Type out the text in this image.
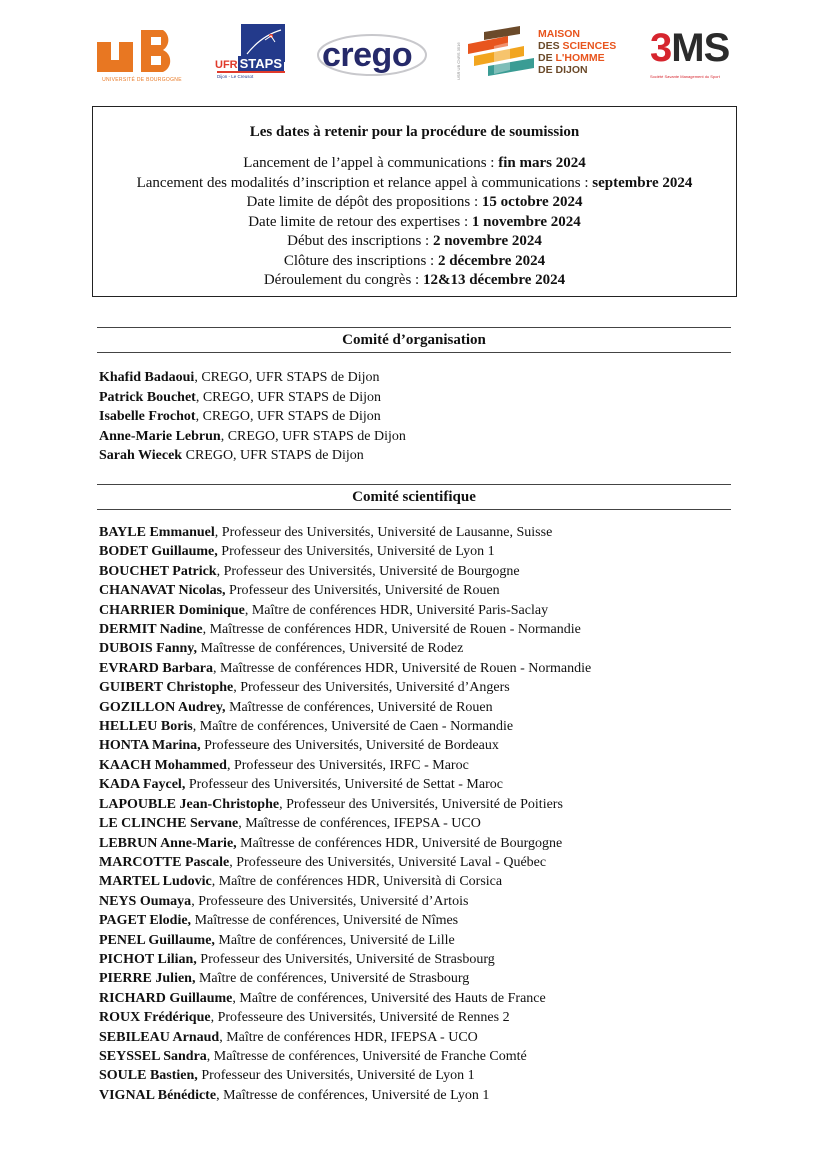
UNIVERSITÉ DE BOURGOGNE
UFR STAPS
Dijon - Le Creusot
crego	USR UB CNRS 3516
MAISON
DES SCIENCES
DE L'HOMME
DE DIJON	3MS
Société Savante Management du Sport
Les dates à retenir pour la procédure de soumission
Lancement de l’appel à communications : fin mars 2024
Lancement des modalités d’inscription et relance appel à communications : septembre 2024
Date limite de dépôt des propositions : 15 octobre 2024
Date limite de retour des expertises : 1 novembre 2024
Début des inscriptions : 2 novembre 2024
Clôture des inscriptions : 2 décembre 2024
Déroulement du congrès : 12&13 décembre 2024
Comité d’organisation
Khafid Badaoui, CREGO, UFR STAPS de Dijon
Patrick Bouchet, CREGO, UFR STAPS de Dijon
Isabelle Frochot, CREGO, UFR STAPS de Dijon
Anne-Marie Lebrun, CREGO, UFR STAPS de Dijon
Sarah Wiecek CREGO, UFR STAPS de Dijon
Comité scientifique
BAYLE Emmanuel, Professeur des Universités, Université de Lausanne, Suisse
BODET Guillaume, Professeur des Universités, Université de Lyon 1
BOUCHET Patrick, Professeur des Universités, Université de Bourgogne
CHANAVAT Nicolas, Professeur des Universités, Université de Rouen
CHARRIER Dominique, Maître de conférences HDR, Université Paris-Saclay
DERMIT Nadine, Maîtresse de conférences HDR, Université de Rouen - Normandie
DUBOIS Fanny, Maîtresse de conférences, Université de Rodez
EVRARD Barbara, Maîtresse de conférences HDR, Université de Rouen - Normandie
GUIBERT Christophe, Professeur des Universités, Université d’Angers
GOZILLON Audrey, Maîtresse de conférences, Université de Rouen
HELLEU Boris, Maître de conférences, Université de Caen - Normandie
HONTA Marina, Professeure des Universités, Université de Bordeaux
KAACH Mohammed, Professeur des Universités, IRFC - Maroc
KADA Faycel, Professeur des Universités, Université de Settat - Maroc
LAPOUBLE Jean-Christophe, Professeur des Universités, Université de Poitiers
LE CLINCHE Servane, Maîtresse de conférences, IFEPSA - UCO
LEBRUN Anne-Marie, Maîtresse de conférences HDR, Université de Bourgogne
MARCOTTE Pascale, Professeure des Universités, Université Laval - Québec
MARTEL Ludovic, Maître de conférences HDR, Università di Corsica
NEYS Oumaya, Professeure des Universités, Université d’Artois
PAGET Elodie, Maîtresse de conférences, Université de Nîmes
PENEL Guillaume, Maître de conférences, Université de Lille
PICHOT Lilian, Professeur des Universités, Université de Strasbourg
PIERRE Julien, Maître de conférences, Université de Strasbourg
RICHARD Guillaume, Maître de conférences, Université des Hauts de France
ROUX Frédérique, Professeure des Universités, Université de Rennes 2
SEBILEAU Arnaud, Maître de conférences HDR, IFEPSA - UCO
SEYSSEL Sandra, Maîtresse de conférences, Université de Franche Comté
SOULE Bastien, Professeur des Universités, Université de Lyon 1
VIGNAL Bénédicte, Maîtresse de conférences, Université de Lyon 1
